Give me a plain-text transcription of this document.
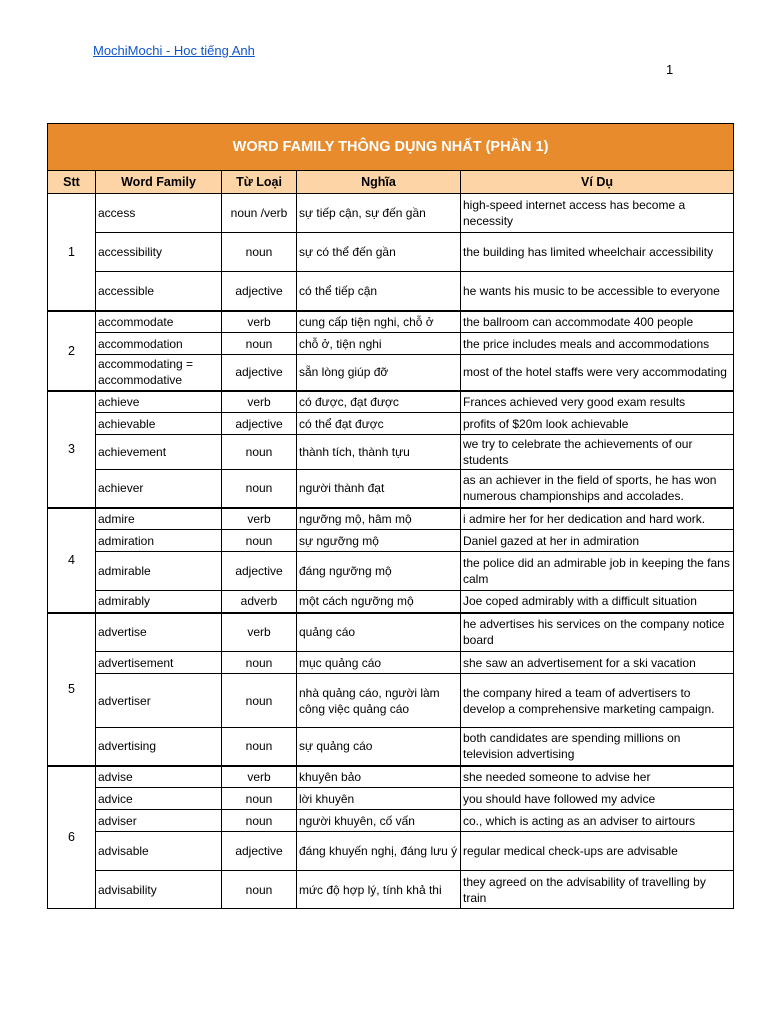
MochiMochi - Hoc tiếng Anh
1
WORD FAMILY THÔNG DỤNG NHẤT (PHẦN 1)				
Stt	Word Family	Từ Loại	Nghĩa	Ví Dụ
1	access	noun /verb	sự tiếp cận, sự đến gần	high-speed internet access has become a necessity
	accessibility	noun	sự có thể đến gần	the building has limited wheelchair accessibility
	accessible	adjective	có thể tiếp cận	he wants his music to be accessible to everyone
2	accommodate	verb	cung cấp tiện nghi, chỗ ở	the ballroom can accommodate 400 people
	accommodation	noun	chỗ ở, tiện nghi	the price includes meals and accommodations
	accommodating = accommodative	adjective	sẵn lòng giúp đỡ	most of the hotel staffs were very accommodating
3	achieve	verb	có được, đạt được	Frances achieved very good exam results
	achievable	adjective	có thể đạt được	profits of $20m look achievable
	achievement	noun	thành tích, thành tựu	we try to celebrate the achievements of our students
	achiever	noun	người thành đạt	as an achiever in the field of sports, he has won numerous championships and accolades.
4	admire	verb	ngưỡng mộ, hâm mộ	i admire her for her dedication and hard work.
	admiration	noun	sự ngưỡng mộ	Daniel gazed at her in admiration
	admirable	adjective	đáng ngưỡng mộ	the police did an admirable job in keeping the fans calm
	admirably	adverb	một cách ngưỡng mộ	Joe coped admirably with a difficult situation
5	advertise	verb	quảng cáo	he advertises his services on the company notice board
	advertisement	noun	mục quảng cáo	she saw an advertisement for a ski vacation
	advertiser	noun	nhà quảng cáo, người làm công việc quảng cáo	the company hired a team of advertisers to develop a comprehensive marketing campaign.
	advertising	noun	sự quảng cáo	both candidates are spending millions on television advertising
6	advise	verb	khuyên bảo	she needed someone to advise her
	advice	noun	lời khuyên	you should have followed my advice
	adviser	noun	người khuyên, cố vấn	co., which is acting as an adviser to airtours
	advisable	adjective	đáng khuyến nghị, đáng lưu ý	regular medical check-ups are advisable
	advisability	noun	mức độ hợp lý, tính khả thi	they agreed on the advisability of travelling by train
